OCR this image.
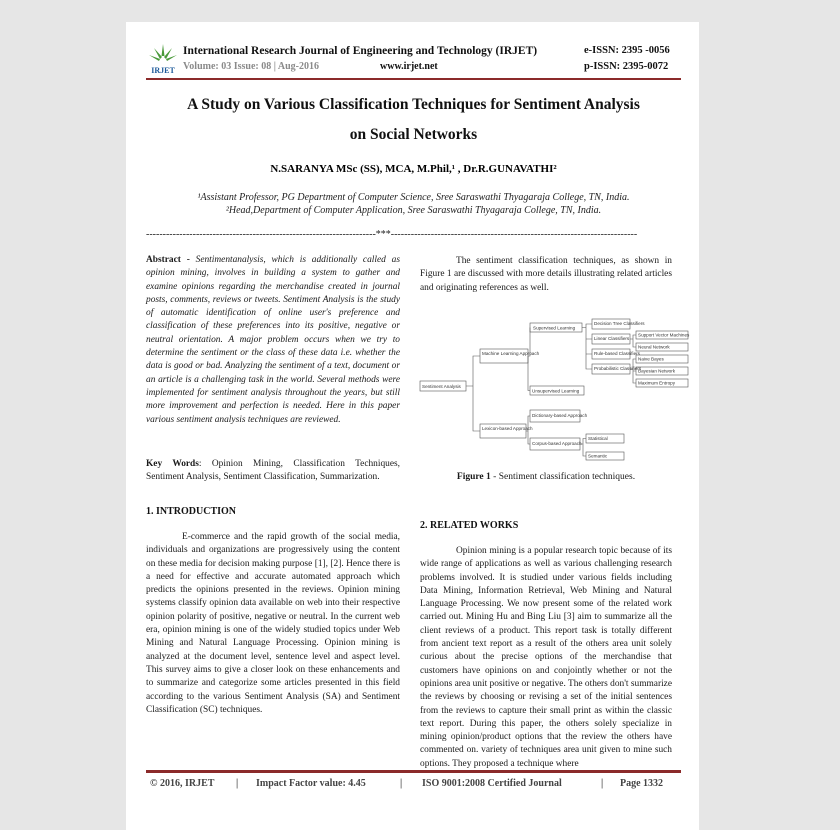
IRJET
International Research Journal of Engineering and Technology (IRJET)	e-ISSN: 2395 -0056
Volume: 03 Issue: 08 | Aug-2016	www.irjet.net	p-ISSN: 2395-0072
A Study on Various Classification Techniques for Sentiment Analysis
on Social Networks
N.SARANYA MSc (SS), MCA, M.Phil,¹ , Dr.R.GUNAVATHI²
¹Assistant Professor, PG Department of Computer Science, Sree Saraswathi Thyagaraja College, TN, India.
²Head,Department of Computer Application, Sree Saraswathi Thyagaraja College, TN, India.
---------------------------------------------------------------------***--------------------------------------------------------------------------

Abstract - Sentimentanalysis, which is additionally called as opinion mining, involves in building a system to gather and examine opinions regarding the merchandise created in journal posts, comments, reviews or tweets. Sentiment Analysis is the study of automatic identification of online user's preference and classification of these preferences into its positive, negative or neutral orientation. A major problem occurs when we try to determine the sentiment or the class of these data i.e. whether the data is good or bad. Analyzing the sentiment of a text, document or an article is a challenging task in the world. Several methods were implemented for sentiment analysis throughout the years, but still more improvement and perfection is needed. Here in this paper various sentiment analysis techniques are reviewed.

Key Words: Opinion Mining, Classification Techniques, Sentiment Analysis, Sentiment Classification, Summarization.

1. INTRODUCTION

E-commerce and the rapid growth of the social media, individuals and organizations are progressively using the content on these media for decision making purpose [1], [2]. Hence there is a need for effective and accurate automated approach which predicts the opinions presented in the reviews. Opinion mining systems classify opinion data available on web into their respective opinion polarity of positive, negative or neutral. In the current web era, opinion mining is one of the widely studied topics under Web Mining and Natural Language Processing. Opinion mining is analyzed at the document level, sentence level and aspect level. This survey aims to give a closer look on these enhancements and to summarize and categorize some articles presented in this field according to the various Sentiment Analysis (SA) and Sentiment Classification (SC) techniques.

The sentiment classification techniques, as shown in Figure 1 are discussed with more details illustrating related articles and originating references as well.

Sentiment Analysis
Machine Learning Approach
Lexicon-based Approach
Supervised Learning
Unsupervised Learning
Decision Tree Classifiers
Linear Classifiers
Rule-based Classifiers
Probabilistic Classifiers
Support Vector Machines
Neural Network
Naive Bayes
Bayesian Network
Maximum Entropy
Dictionary-based Approach
Corpus-based Approach
Statistical
Semantic
Figure 1 - Sentiment classification techniques.
2. RELATED WORKS

Opinion mining is a popular research topic because of its wide range of applications as well as various challenging research problems involved. It is studied under various fields including Data Mining, Information Retrieval, Web Mining and Natural Language Processing. We now present some of the related work carried out. Mining Hu and Bing Liu [3] aim to summarize all the client reviews of a product. This report task is totally different from ancient text report as a result of the others area unit solely curious about the precise options of the merchandise that customers have opinions on and conjointly whether or not the opinions area unit positive or negative. The others don't summarize the reviews by choosing or revising a set of the initial sentences from the reviews to capture their small print as within the classic text report. During this paper, the others solely specialize in mining opinion/product options that the review the others have commented on. variety of techniques area unit given to mine such options. They proposed a technique where

© 2016, IRJET | Impact Factor value: 4.45	| ISO 9001:2008 Certified Journal	| Page 1332
